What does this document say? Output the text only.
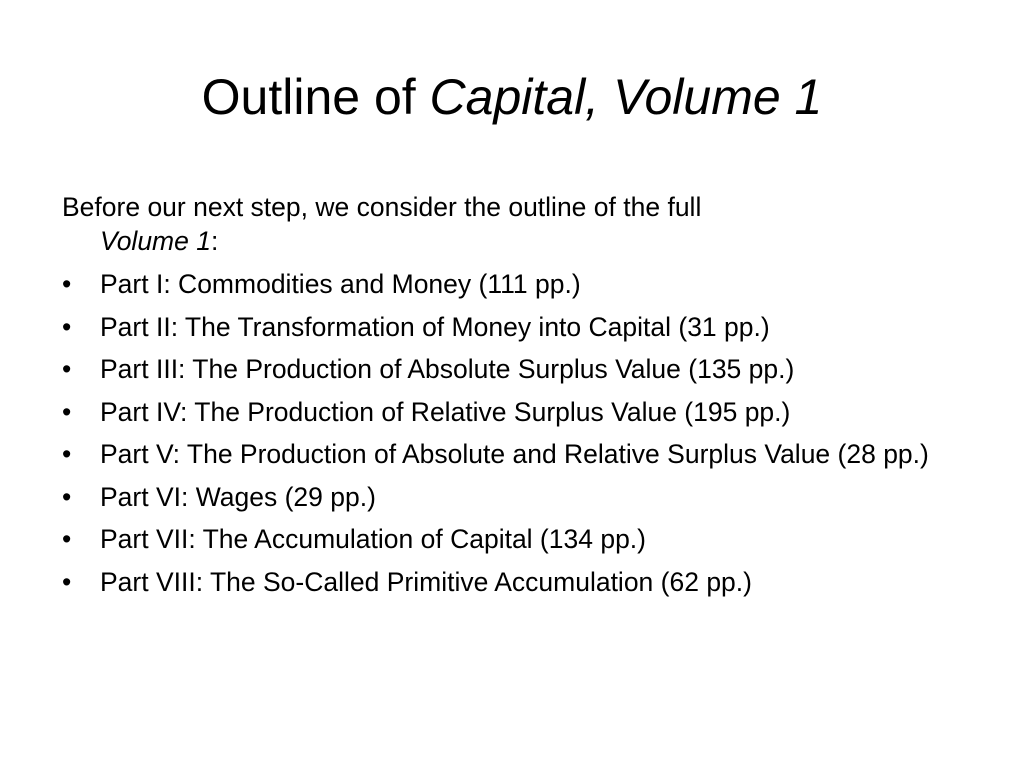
Outline of Capital, Volume 1

Before our next step, we consider the outline of the full
Volume 1:

•	Part I: Commodities and Money (111 pp.)
•	Part II: The Transformation of Money into Capital (31 pp.)
•	Part III: The Production of Absolute Surplus Value (135 pp.)
•	Part IV: The Production of Relative Surplus Value (195 pp.)
•	Part V: The Production of Absolute and Relative Surplus Value (28 pp.)
•	Part VI: Wages (29 pp.)
•	Part VII: The Accumulation of Capital (134 pp.)
•	Part VIII: The So-Called Primitive Accumulation (62 pp.)
